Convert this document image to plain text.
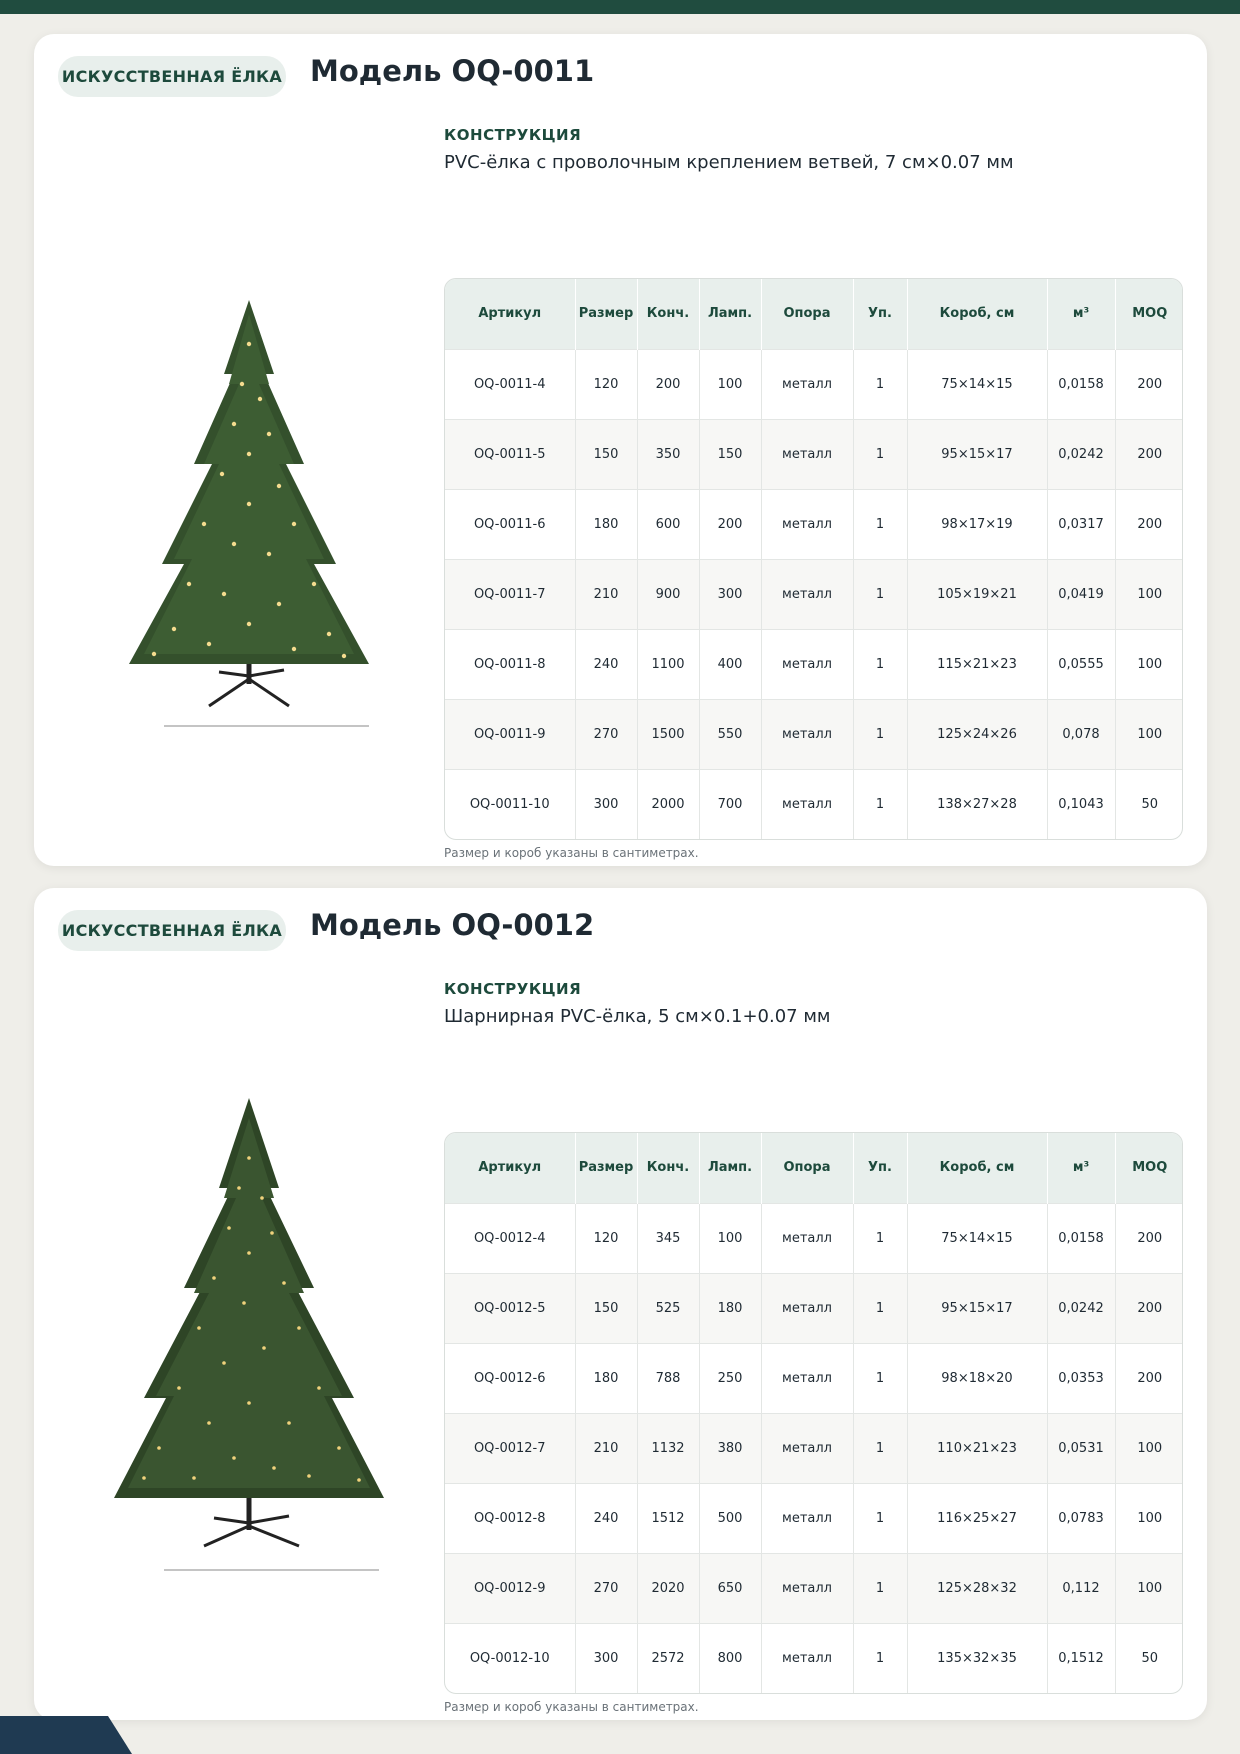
ИСКУССТВЕННАЯ ЁЛКА Модель OQ-0011
КОНСТРУКЦИЯ
PVC-ёлка с проволочным креплением ветвей, 7 см×0.07 мм
Артикул	Размер	Конч.	Ламп.	Опора	Уп.	Короб, см	м³	MOQ
OQ-0011-4	120	200	100	металл	1	75×14×15	0,0158	200
OQ-0011-5	150	350	150	металл	1	95×15×17	0,0242	200
OQ-0011-6	180	600	200	металл	1	98×17×19	0,0317	200
OQ-0011-7	210	900	300	металл	1	105×19×21	0,0419	100
OQ-0011-8	240	1100	400	металл	1	115×21×23	0,0555	100
OQ-0011-9	270	1500	550	металл	1	125×24×26	0,078	100
OQ-0011-10	300	2000	700	металл	1	138×27×28	0,1043	50
Размер и короб указаны в сантиметрах.
ИСКУССТВЕННАЯ ЁЛКА Модель OQ-0012
КОНСТРУКЦИЯ
Шарнирная PVC-ёлка, 5 см×0.1+0.07 мм
Артикул	Размер	Конч.	Ламп.	Опора	Уп.	Короб, см	м³	MOQ
OQ-0012-4	120	345	100	металл	1	75×14×15	0,0158	200
OQ-0012-5	150	525	180	металл	1	95×15×17	0,0242	200
OQ-0012-6	180	788	250	металл	1	98×18×20	0,0353	200
OQ-0012-7	210	1132	380	металл	1	110×21×23	0,0531	100
OQ-0012-8	240	1512	500	металл	1	116×25×27	0,0783	100
OQ-0012-9	270	2020	650	металл	1	125×28×32	0,112	100
OQ-0012-10	300	2572	800	металл	1	135×32×35	0,1512	50
Размер и короб указаны в сантиметрах.
